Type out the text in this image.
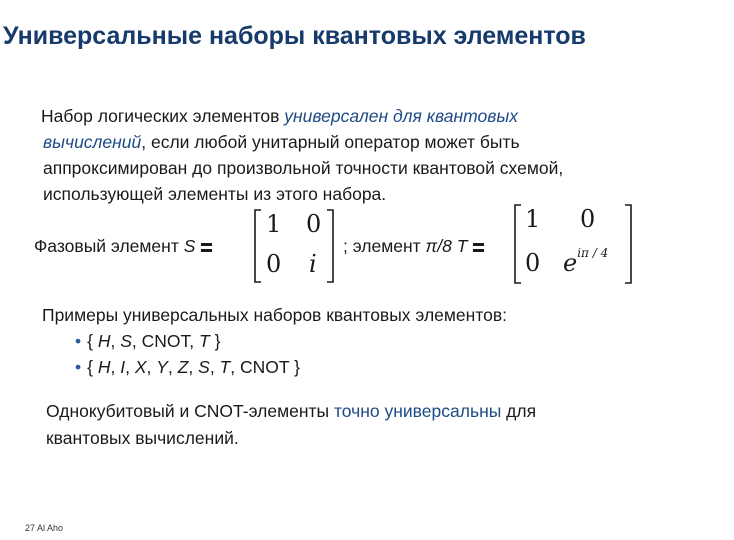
Универсальные наборы квантовых элементов
Набор логических элементов универсален для квантовых
вычислений, если любой унитарный оператор может быть
аппроксимирован до произвольной точности квантовой схемой,
использующей элементы из этого набора.
Фазовый элемент S
1 0
0 i
; элемент π/8 T
1 0
0 $e^{i\pi / 4}$
Примеры универсальных наборов квантовых элементов:
• { H, S, CNOT, T }
• { H, I, X, Y, Z, S, T, CNOT }
Однокубитовый и CNOT-элементы точно универсальны для
квантовых вычислений.
27 Al Aho
